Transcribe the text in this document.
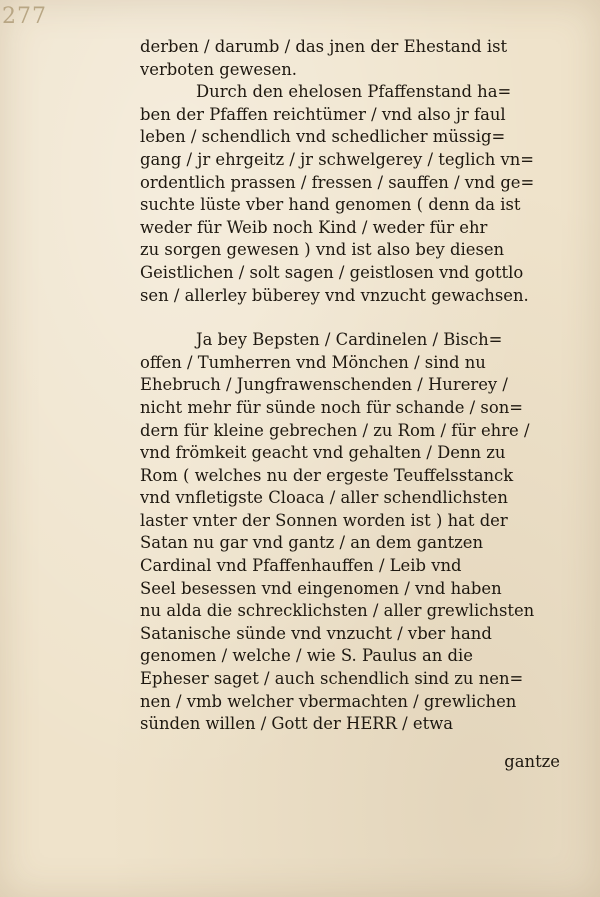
277
derben / darumb / das jnen der Ehestand ist
verboten gewesen.
Durch den ehelosen Pfaffenstand ha=
ben der Pfaffen reichtümer / vnd also jr faul
leben / schendlich vnd schedlicher müssig=
gang / jr ehrgeitz / jr schwelgerey / teglich vn=
ordentlich prassen / fressen / sauffen / vnd ge=
suchte lüste vber hand genomen ( denn da ist
weder für Weib noch Kind / weder für ehr
zu sorgen gewesen ) vnd ist also bey diesen
Geistlichen / solt sagen / geistlosen vnd gottlo
sen / allerley büberey vnd vnzucht gewachsen.
Ja bey Bepsten / Cardinelen / Bisch=
offen / Tumherren vnd Mönchen / sind nu
Ehebruch / Jungfrawenschenden / Hurerey /
nicht mehr für sünde noch für schande / son=
dern für kleine gebrechen / zu Rom / für ehre /
vnd frömkeit geacht vnd gehalten / Denn zu
Rom ( welches nu der ergeste Teuffelsstanck
vnd vnfletigste Cloaca / aller schendlichsten
laster vnter der Sonnen worden ist ) hat der
Satan nu gar vnd gantz / an dem gantzen
Cardinal vnd Pfaffenhauffen / Leib vnd
Seel besessen vnd eingenomen / vnd haben
nu alda die schrecklichsten / aller grewlichsten
Satanische sünde vnd vnzucht / vber hand
genomen / welche / wie S. Paulus an die
Epheser saget / auch schendlich sind zu nen=
nen / vmb welcher vbermachten / grewlichen
sünden willen / Gott der HERR / etwa
gantze
